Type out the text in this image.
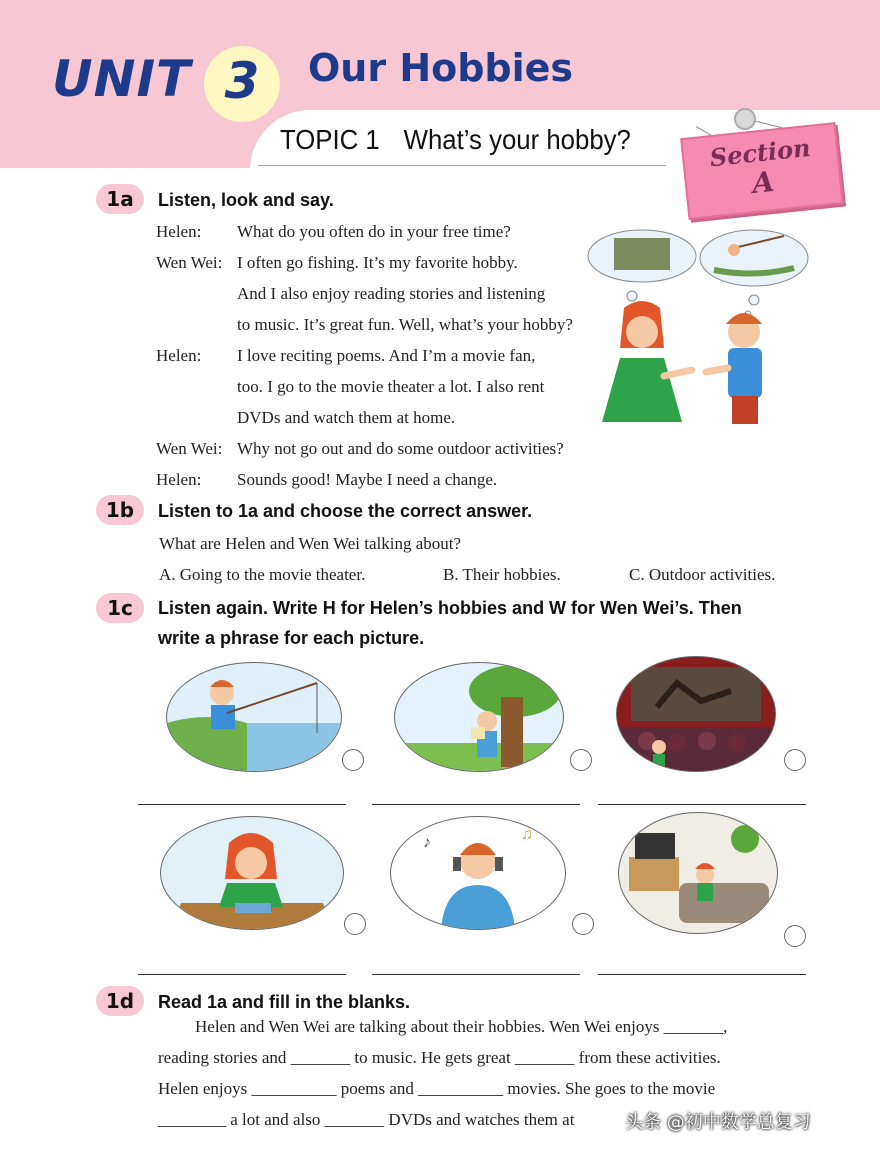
UNIT 3	Our Hobbies
TOPIC 1 What’s your hobby?	Section
A
1a	Listen, look and say.
Helen: What do you often do in your free time?
Wen Wei: I often go fishing. It’s my favorite hobby.
And I also enjoy reading stories and listening
to music. It’s great fun. Well, what’s your hobby?
Helen: I love reciting poems. And I’m a movie fan,
too. I go to the movie theater a lot. I also rent
DVDs and watch them at home.
Wen Wei: Why not go out and do some outdoor activities?
Helen: Sounds good! Maybe I need a change.
1b	Listen to 1a and choose the correct answer.
What are Helen and Wen Wei talking about?
A. Going to the movie theater.	B. Their hobbies.	C. Outdoor activities.
1c	Listen again. Write H for Helen’s hobbies and W for Wen Wei’s. Then
write a phrase for each picture.
♪	♫
1d	Read 1a and fill in the blanks.
Helen and Wen Wei are talking about their hobbies. Wen Wei enjoys _______,
reading stories and _______ to music. He gets great _______ from these activities.
Helen enjoys __________ poems and __________ movies. She goes to the movie
________ a lot and also _______ DVDs and watches them at	头条 @初中数学总复习
